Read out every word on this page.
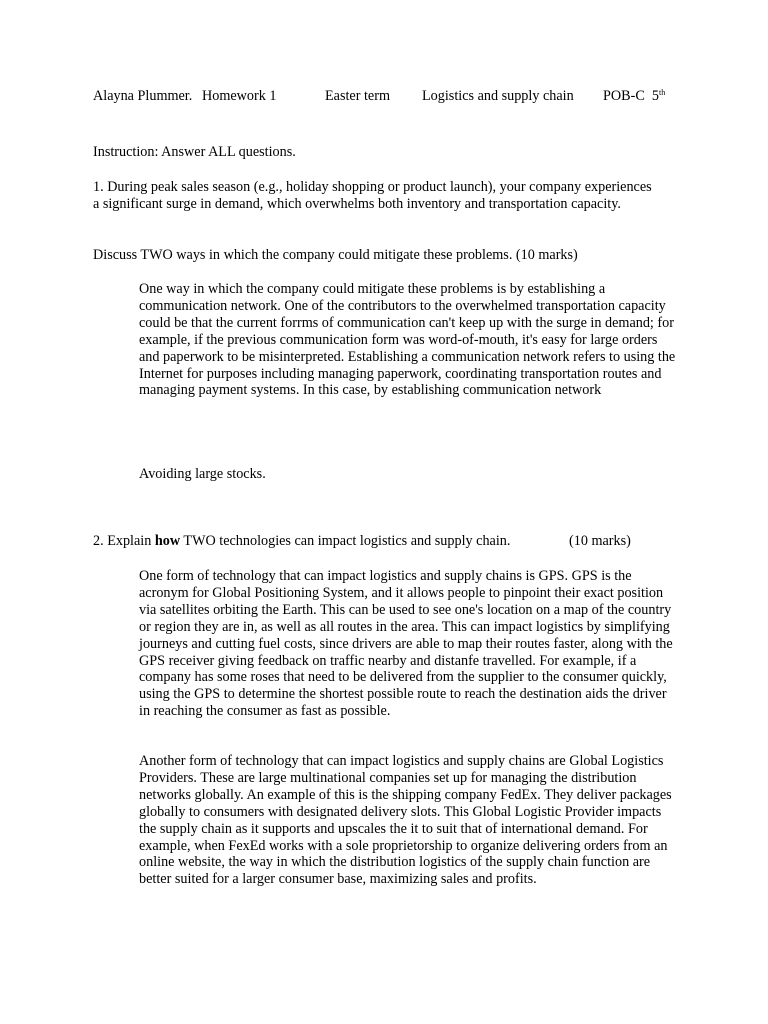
Alayna Plummer. Homework 1	Easter term Logistics and supply chain POB-C 5th
Instruction: Answer ALL questions.

1. During peak sales season (e.g., holiday shopping or product launch), your company experiences a significant surge in demand, which overwhelms both inventory and transportation capacity.

Discuss TWO ways in which the company could mitigate these problems. (10 marks)

One way in which the company could mitigate these problems is by establishing a communication network. One of the contributors to the overwhelmed transportation capacity could be that the current forrms of communication can't keep up with the surge in demand; for example, if the previous communication form was word-of-mouth, it's easy for large orders and paperwork to be misinterpreted. Establishing a communication network refers to using the Internet for purposes including managing paperwork, coordinating transportation routes and managing payment systems. In this case, by establishing communication network

Avoiding large stocks.
2. Explain how TWO technologies can impact logistics and supply chain.	(10 marks)

One form of technology that can impact logistics and supply chains is GPS. GPS is the acronym for Global Positioning System, and it allows people to pinpoint their exact position via satellites orbiting the Earth. This can be used to see one's location on a map of the country or region they are in, as well as all routes in the area. This can impact logistics by simplifying journeys and cutting fuel costs, since drivers are able to map their routes faster, along with the GPS receiver giving feedback on traffic nearby and distanfe travelled. For example, if a company has some roses that need to be delivered from the supplier to the consumer quickly, using the GPS to determine the shortest possible route to reach the destination aids the driver in reaching the consumer as fast as possible.

Another form of technology that can impact logistics and supply chains are Global Logistics Providers. These are large multinational companies set up for managing the distribution networks globally. An example of this is the shipping company FedEx. They deliver packages globally to consumers with designated delivery slots. This Global Logistic Provider impacts the supply chain as it supports and upscales the it to suit that of international demand. For example, when FexEd works with a sole proprietorship to organize delivering orders from an online website, the way in which the distribution logistics of the supply chain function are better suited for a larger consumer base, maximizing sales and profits.
